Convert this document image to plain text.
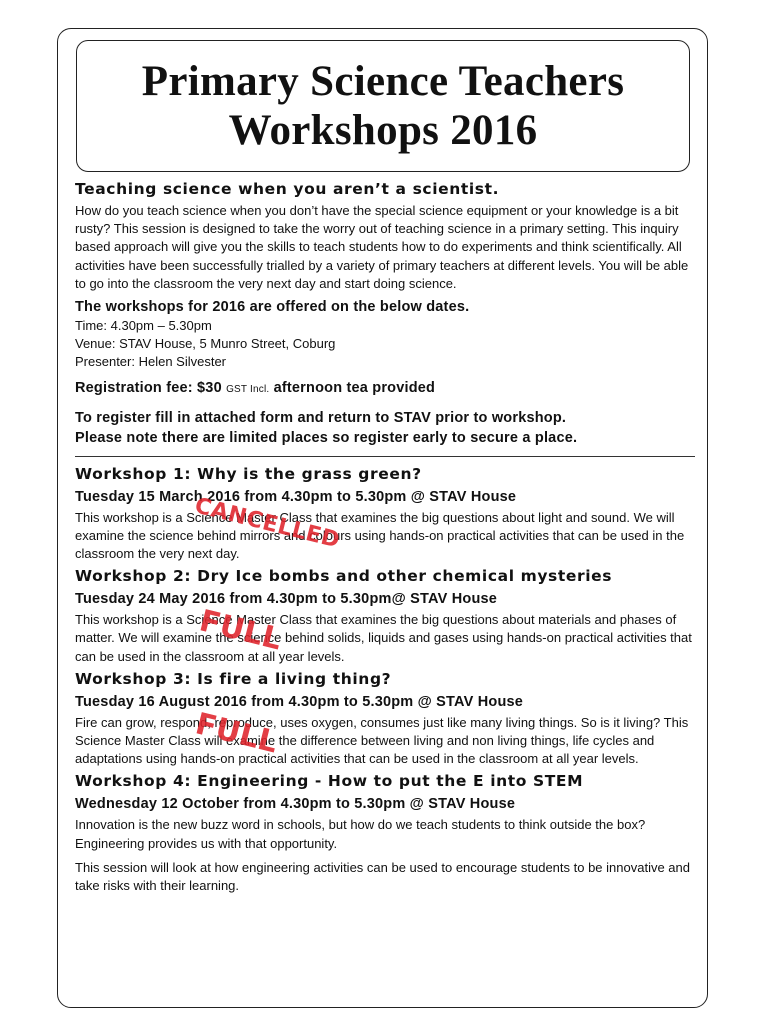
Primary Science Teachers
Workshops 2016
Teaching science when you aren’t a scientist.

How do you teach science when you don’t have the special science equipment or your knowledge is a bit rusty? This session is designed to take the worry out of teaching science in a primary setting. This inquiry based approach will give you the skills to teach students how to do experiments and think scientifically. All activities have been successfully trialled by a variety of primary teachers at different levels. You will be able to go into the classroom the very next day and start doing science.

The workshops for 2016 are offered on the below dates.

Time: 4.30pm – 5.30pm

Venue: STAV House, 5 Munro Street, Coburg

Presenter: Helen Silvester

Registration fee: $30 GST Incl. afternoon tea provided
To register fill in attached form and return to STAV prior to workshop.
Please note there are limited places so register early to secure a place.
Workshop 1: Why is the grass green?
Tuesday 15 March 2016 from 4.30pm to 5.30pm @ STAV House

This workshop is a Science Master Class that examines the big questions about light and sound. We will examine the science behind mirrors and colours using hands-on practical activities that can be used in the classroom the very next day.

CANCELLED
Workshop 2: Dry Ice bombs and other chemical mysteries
Tuesday 24 May 2016 from 4.30pm to 5.30pm@ STAV House

This workshop is a Science Master Class that examines the big questions about materials and phases of matter. We will examine the science behind solids, liquids and gases using hands-on practical activities that can be used in the classroom at all year levels.

FULL
Workshop 3: Is fire a living thing?
Tuesday 16 August 2016 from 4.30pm to 5.30pm @ STAV House

Fire can grow, respond, reproduce, uses oxygen, consumes just like many living things. So is it living? This Science Master Class will examine the difference between living and non living things, life cycles and adaptations using hands-on practical activities that can be used in the classroom at all year levels.

FULL
Workshop 4: Engineering - How to put the E into STEM
Wednesday 12 October from 4.30pm to 5.30pm @ STAV House

Innovation is the new buzz word in schools, but how do we teach students to think outside the box? Engineering provides us with that opportunity.

This session will look at how engineering activities can be used to encourage students to be innovative and take risks with their learning.
